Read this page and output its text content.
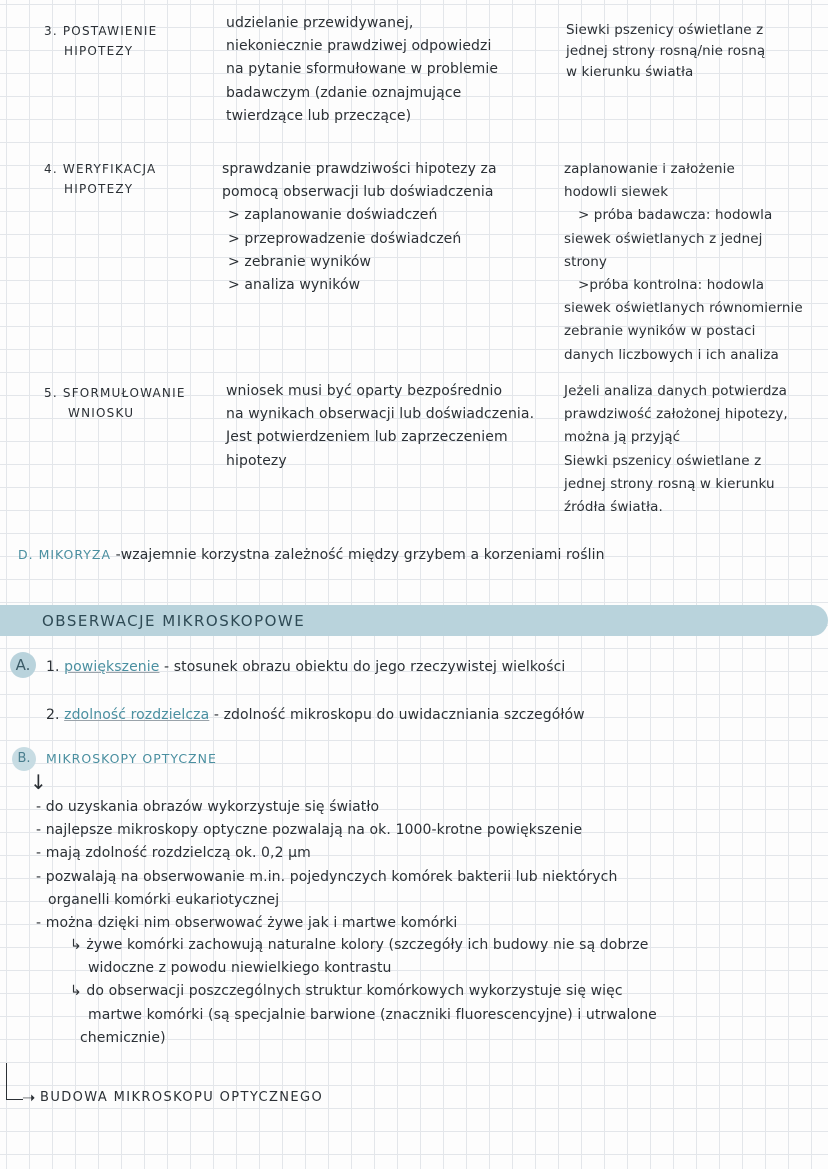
3. POSTAWIENIE
HIPOTEZY
udzielanie przewidywanej,
niekoniecznie prawdziwej odpowiedzi
na pytanie sformułowane w problemie
badawczym (zdanie oznajmujące
twierdzące lub przeczące)
Siewki pszenicy oświetlane z
jednej strony rosną/nie rosną
w kierunku światła
4. WERYFIKACJA
HIPOTEZY
sprawdzanie prawdziwości hipotezy za
pomocą obserwacji lub doświadczenia
> zaplanowanie doświadczeń
> przeprowadzenie doświadczeń
> zebranie wyników
> analiza wyników
zaplanowanie i założenie
hodowli siewek
> próba badawcza: hodowla
siewek oświetlanych z jednej
strony
>próba kontrolna: hodowla
siewek oświetlanych równomiernie
zebranie wyników w postaci
danych liczbowych i ich analiza
5. SFORMUŁOWANIE
WNIOSKU
wniosek musi być oparty bezpośrednio
na wynikach obserwacji lub doświadczenia.
Jest potwierdzeniem lub zaprzeczeniem
hipotezy
Jeżeli analiza danych potwierdza
prawdziwość założonej hipotezy,
można ją przyjąć
Siewki pszenicy oświetlane z
jednej strony rosną w kierunku
źródła światła.
D. MIKORYZA -wzajemnie korzystna zależność między grzybem a korzeniami roślin
OBSERWACJE MIKROSKOPOWE
A.	1. powiększenie - stosunek obrazu obiektu do jego rzeczywistej wielkości
2. zdolność rozdzielcza - zdolność mikroskopu do uwidaczniania szczegółów
B.	MIKROSKOPY OPTYCZNE
↓
- do uzyskania obrazów wykorzystuje się światło
- najlepsze mikroskopy optyczne pozwalają na ok. 1000-krotne powiększenie
- mają zdolność rozdzielczą ok. 0,2 μm
- pozwalają na obserwowanie m.in. pojedynczych komórek bakterii lub niektórych
organelli komórki eukariotycznej
- można dzięki nim obserwować żywe jak i martwe komórki
↳ żywe komórki zachowują naturalne kolory (szczegóły ich budowy nie są dobrze
widoczne z powodu niewielkiego kontrastu
↳ do obserwacji poszczególnych struktur komórkowych wykorzystuje się więc
martwe komórki (są specjalnie barwione (znaczniki fluorescencyjne) i utrwalone
chemicznie)
➝ BUDOWA MIKROSKOPU OPTYCZNEGO
